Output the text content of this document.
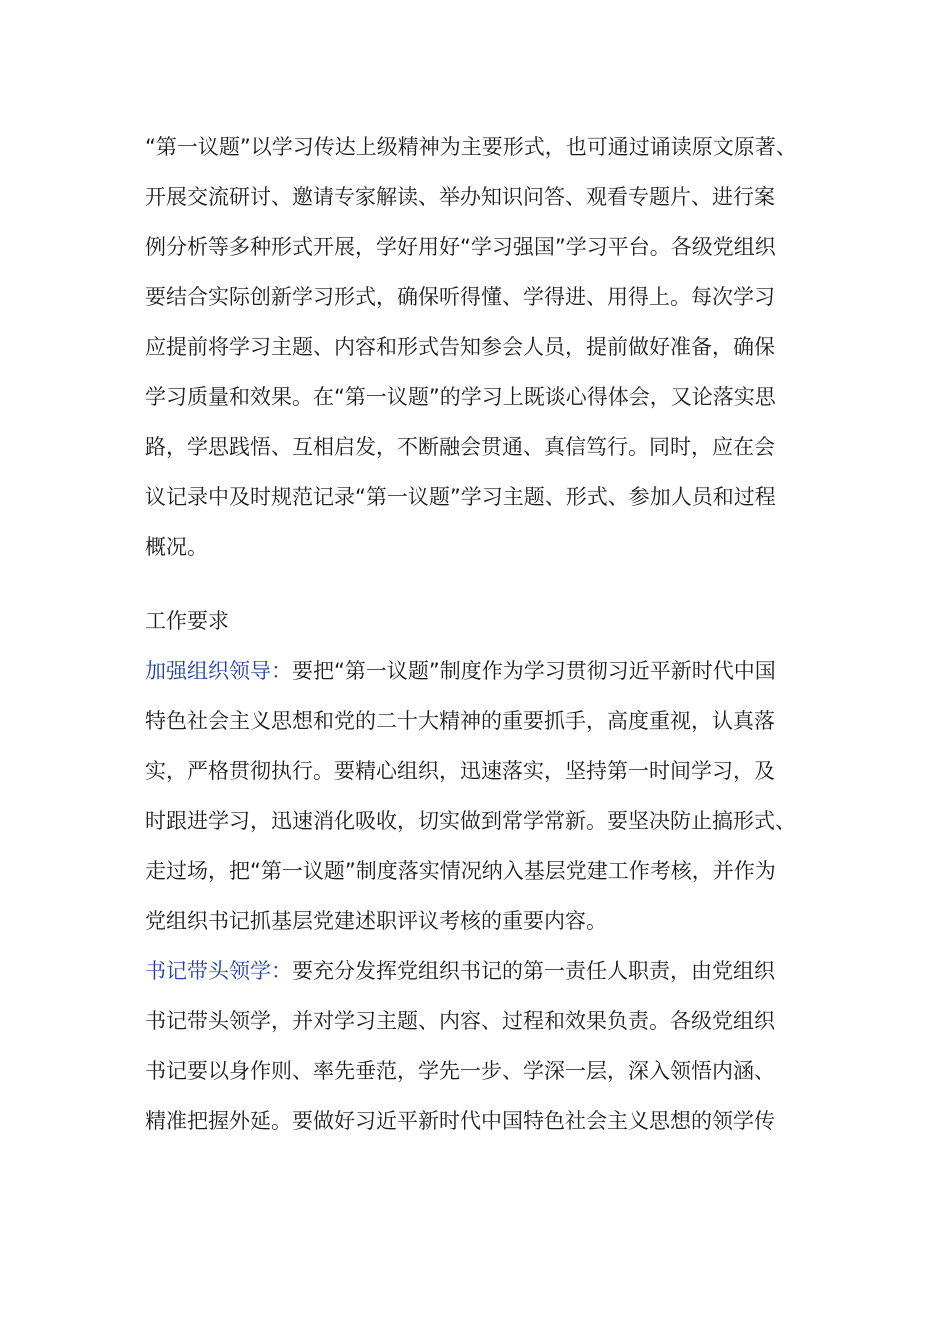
“第一议题”以学习传达上级精神为主要形式，也可通过诵读原文原著、
开展交流研讨、邀请专家解读、举办知识问答、观看专题片、进行案
例分析等多种形式开展，学好用好“学习强国”学习平台。各级党组织
要结合实际创新学习形式，确保听得懂、学得进、用得上。每次学习
应提前将学习主题、内容和形式告知参会人员，提前做好准备，确保
学习质量和效果。在“第一议题”的学习上既谈心得体会，又论落实思
路，学思践悟、互相启发，不断融会贯通、真信笃行。同时，应在会
议记录中及时规范记录“第一议题”学习主题、形式、参加人员和过程
概况。
工作要求
加强组织领导：要把“第一议题”制度作为学习贯彻习近平新时代中国
特色社会主义思想和党的二十大精神的重要抓手，高度重视，认真落
实，严格贯彻执行。要精心组织，迅速落实，坚持第一时间学习，及
时跟进学习，迅速消化吸收，切实做到常学常新。要坚决防止搞形式、
走过场，把“第一议题”制度落实情况纳入基层党建工作考核，并作为
党组织书记抓基层党建述职评议考核的重要内容。
书记带头领学：要充分发挥党组织书记的第一责任人职责，由党组织
书记带头领学，并对学习主题、内容、过程和效果负责。各级党组织
书记要以身作则、率先垂范，学先一步、学深一层，深入领悟内涵、
精准把握外延。要做好习近平新时代中国特色社会主义思想的领学传
